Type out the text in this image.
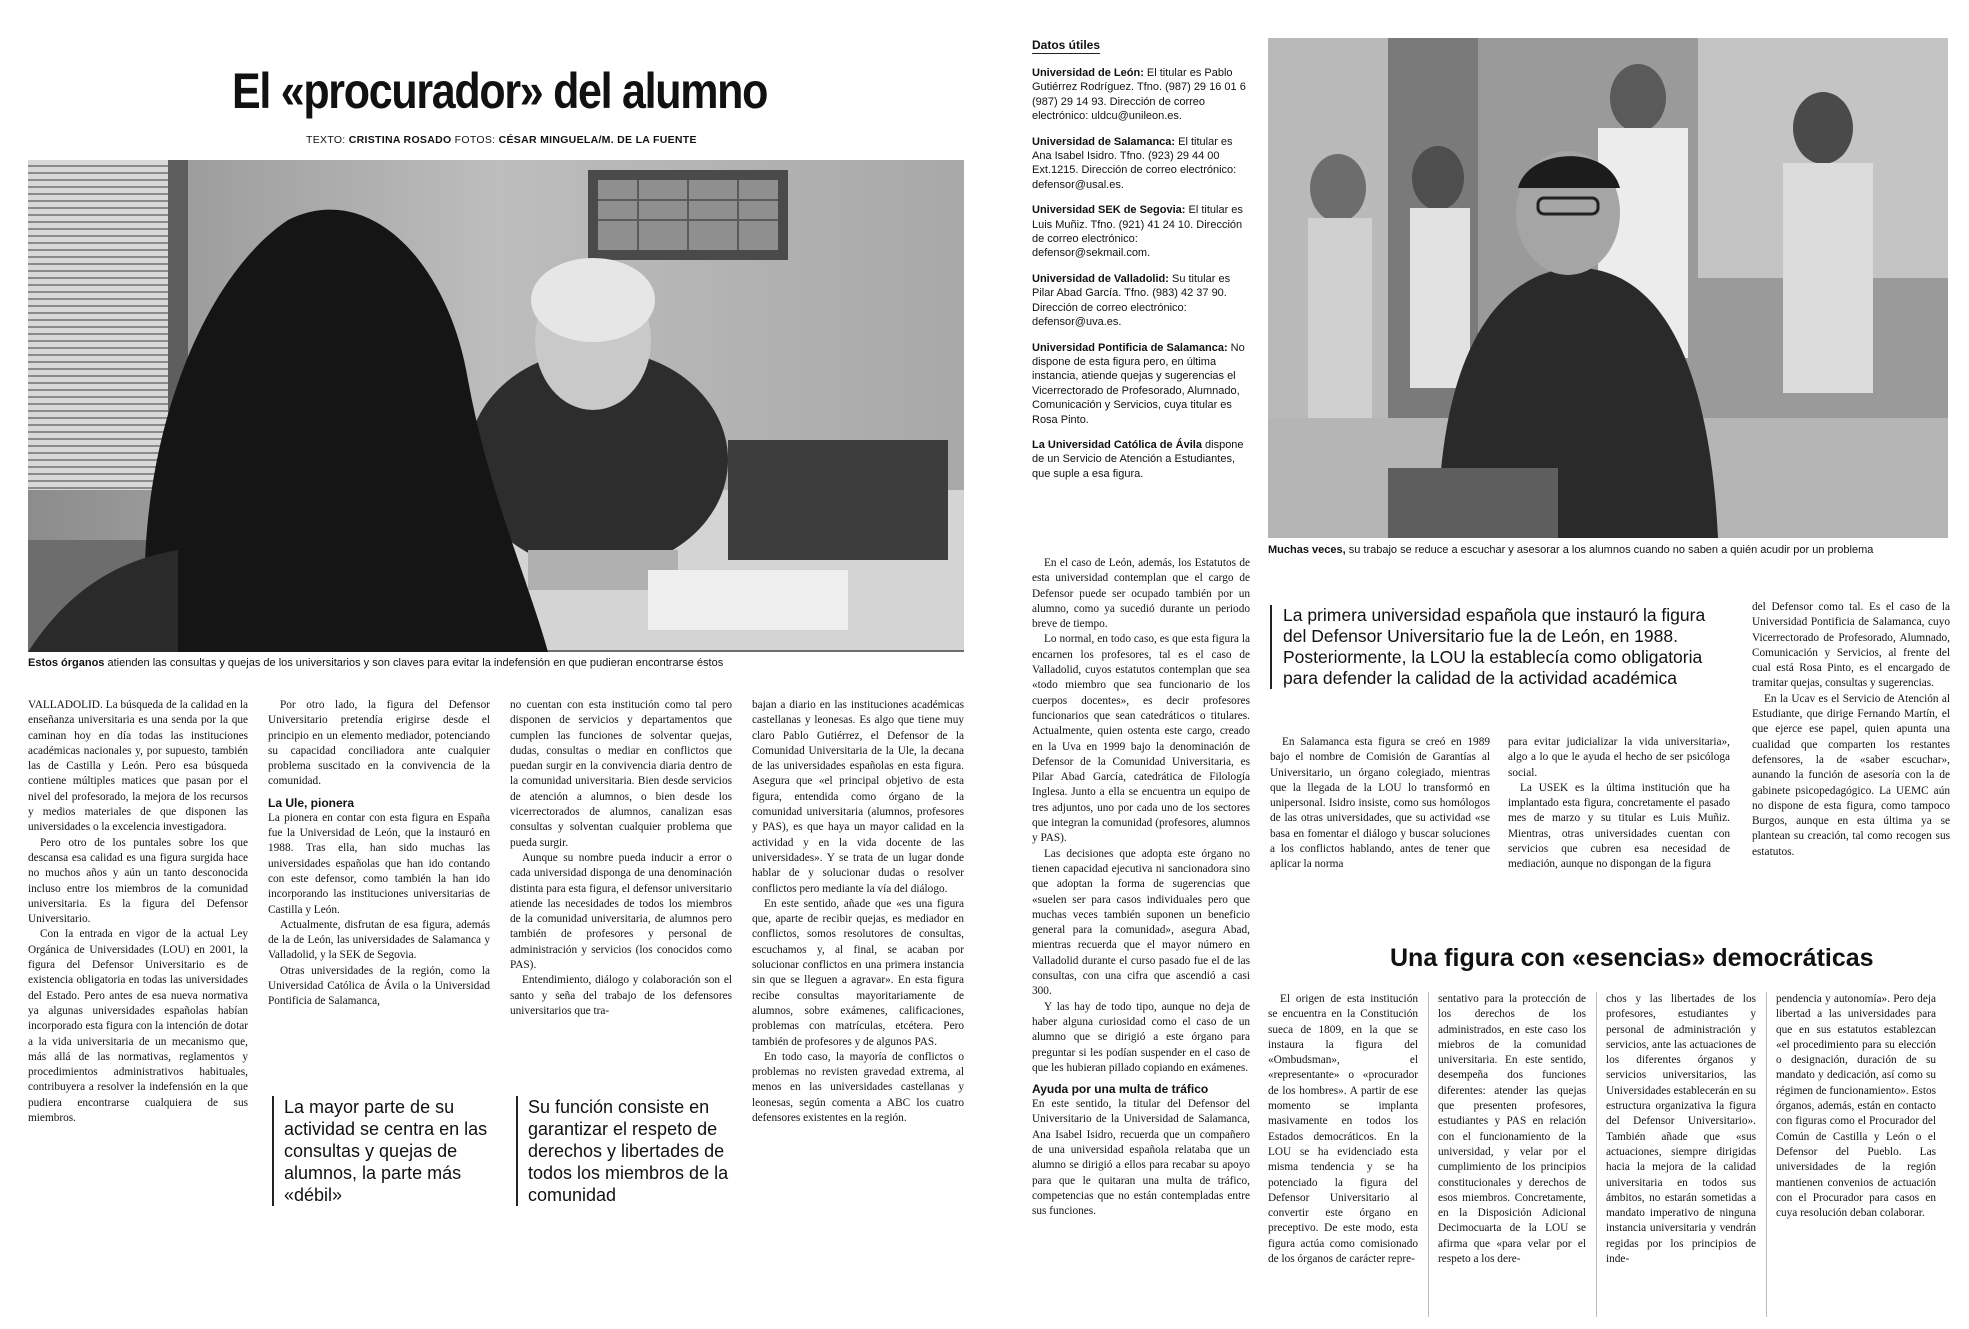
El «procurador» del alumno
TEXTO: CRISTINA ROSADO FOTOS: CÉSAR MINGUELA/M. DE LA FUENTE
Estos órganos atienden las consultas y quejas de los universitarios y son claves para evitar la indefensión en que pudieran encontrarse éstos

VALLADOLID. La búsqueda de la calidad en la enseñanza universitaria es una senda por la que caminan hoy en día todas las instituciones académicas nacionales y, por supuesto, también las de Castilla y León. Pero esa búsqueda contiene múltiples matices que pasan por el nivel del profesorado, la mejora de los recursos y medios materiales de que disponen las universidades o la excelencia investigadora.

Pero otro de los puntales sobre los que descansa esa calidad es una figura surgida hace no muchos años y aún un tanto desconocida incluso entre los miembros de la comunidad universitaria. Es la figura del Defensor Universitario.

Con la entrada en vigor de la actual Ley Orgánica de Universidades (LOU) en 2001, la figura del Defensor Universitario es de existencia obligatoria en todas las universidades del Estado. Pero antes de esa nueva normativa ya algunas universidades españolas habían incorporado esta figura con la intención de dotar a la vida universitaria de un mecanismo que, más allá de las normativas, reglamentos y procedimientos administrativos habituales, contribuyera a resolver la indefensión en la que pudiera encontrarse cualquiera de sus miembros.

Por otro lado, la figura del Defensor Universitario pretendía erigirse desde el principio en un elemento mediador, potenciando su capacidad conciliadora ante cualquier problema suscitado en la convivencia de la comunidad.

La Ule, pionera

La pionera en contar con esta figura en España fue la Universidad de León, que la instauró en 1988. Tras ella, han sido muchas las universidades españolas que han ido contando con este defensor, como también la han ido incorporando las instituciones universitarias de Castilla y León.

Actualmente, disfrutan de esa figura, además de la de León, las universidades de Salamanca y Valladolid, y la SEK de Segovia.

Otras universidades de la región, como la Universidad Católica de Ávila o la Universidad Pontificia de Salamanca,

no cuentan con esta institución como tal pero disponen de servicios y departamentos que cumplen las funciones de solventar quejas, dudas, consultas o mediar en conflictos que puedan surgir en la convivencia diaria dentro de la comunidad universitaria. Bien desde servicios de atención a alumnos, o bien desde los vicerrectorados de alumnos, canalizan esas consultas y solventan cualquier problema que pueda surgir.

Aunque su nombre pueda inducir a error o cada universidad disponga de una denominación distinta para esta figura, el defensor universitario atiende las necesidades de todos los miembros de la comunidad universitaria, de alumnos pero también de profesores y personal de administración y servicios (los conocidos como PAS).

Entendimiento, diálogo y colaboración son el santo y seña del trabajo de los defensores universitarios que tra-

bajan a diario en las instituciones académicas castellanas y leonesas. Es algo que tiene muy claro Pablo Gutiérrez, el Defensor de la Comunidad Universitaria de la Ule, la decana de las universidades españolas en esta figura. Asegura que «el principal objetivo de esta figura, entendida como órgano de la comunidad universitaria (alumnos, profesores y PAS), es que haya un mayor calidad en la actividad y en la vida docente de las universidades». Y se trata de un lugar donde hablar de y solucionar dudas o resolver conflictos pero mediante la vía del diálogo.

En este sentido, añade que «es una figura que, aparte de recibir quejas, es mediador en conflictos, somos resolutores de consultas, escuchamos y, al final, se acaban por solucionar conflictos en una primera instancia sin que se lleguen a agravar». En esta figura recibe consultas mayoritariamente de alumnos, sobre exámenes, calificaciones, problemas con matrículas, etcétera. Pero también de profesores y de algunos PAS.

En todo caso, la mayoría de conflictos o problemas no revisten gravedad extrema, al menos en las universidades castellanas y leonesas, según comenta a ABC los cuatro defensores existentes en la región.

La mayor parte de su actividad se centra en las consultas y quejas de alumnos, la parte más «débil»
Su función consiste en garantizar el respeto de derechos y libertades de todos los miembros de la comunidad
Datos útiles

Universidad de León: El titular es Pablo Gutiérrez Rodríguez. Tfno. (987) 29 16 01 6 (987) 29 14 93. Dirección de correo electrónico: uldcu@unileon.es.

Universidad de Salamanca: El titular es Ana Isabel Isidro. Tfno. (923) 29 44 00 Ext.1215. Dirección de correo electrónico: defensor@usal.es.

Universidad SEK de Segovia: El titular es Luis Muñiz. Tfno. (921) 41 24 10. Dirección de correo electrónico: defensor@sekmail.com.

Universidad de Valladolid: Su titular es Pilar Abad García. Tfno. (983) 42 37 90. Dirección de correo electrónico: defensor@uva.es.

Universidad Pontificia de Salamanca: No dispone de esta figura pero, en última instancia, atiende quejas y sugerencias el Vicerrectorado de Profesorado, Alumnado, Comunicación y Servicios, cuya titular es Rosa Pinto.

La Universidad Católica de Ávila dispone de un Servicio de Atención a Estudiantes, que suple a esa figura.

Muchas veces, su trabajo se reduce a escuchar y asesorar a los alumnos cuando no saben a quién acudir por un problema

En el caso de León, además, los Estatutos de esta universidad contemplan que el cargo de Defensor puede ser ocupado también por un alumno, como ya sucedió durante un periodo breve de tiempo.

Lo normal, en todo caso, es que esta figura la encarnen los profesores, tal es el caso de Valladolid, cuyos estatutos contemplan que sea «todo miembro que sea funcionario de los cuerpos docentes», es decir profesores funcionarios que sean catedráticos o titulares. Actualmente, quien ostenta este cargo, creado en la Uva en 1999 bajo la denominación de Defensor de la Comunidad Universitaria, es Pilar Abad García, catedrática de Filología Inglesa. Junto a ella se encuentra un equipo de tres adjuntos, uno por cada uno de los sectores que integran la comunidad (profesores, alumnos y PAS).

Las decisiones que adopta este órgano no tienen capacidad ejecutiva ni sancionadora sino que adoptan la forma de sugerencias que «suelen ser para casos individuales pero que muchas veces también suponen un beneficio general para la comunidad», asegura Abad, mientras recuerda que el mayor número en Valladolid durante el curso pasado fue el de las consultas, con una cifra que ascendió a casi 300.

Y las hay de todo tipo, aunque no deja de haber alguna curiosidad como el caso de un alumno que se dirigió a este órgano para preguntar si les podían suspender en el caso de que les hubieran pillado copiando en exámenes.

Ayuda por una multa de tráfico

En este sentido, la titular del Defensor del Universitario de la Universidad de Salamanca, Ana Isabel Isidro, recuerda que un compañero de una universidad española relataba que un alumno se dirigió a ellos para recabar su apoyo para que le quitaran una multa de tráfico, competencias que no están contempladas entre sus funciones.

La primera universidad española que instauró la figura del Defensor Universitario fue la de León, en 1988. Posteriormente, la LOU la establecía como obligatoria para defender la calidad de la actividad académica

En Salamanca esta figura se creó en 1989 bajo el nombre de Comisión de Garantías al Universitario, un órgano colegiado, mientras que la llegada de la LOU lo transformó en unipersonal. Isidro insiste, como sus homólogos de las otras universidades, que su actividad «se basa en fomentar el diálogo y buscar soluciones a los conflictos hablando, antes de tener que aplicar la norma

para evitar judicializar la vida universitaria», algo a lo que le ayuda el hecho de ser psicóloga social.

La USEK es la última institución que ha implantado esta figura, concretamente el pasado mes de marzo y su titular es Luis Muñiz. Mientras, otras universidades cuentan con servicios que cubren esa necesidad de mediación, aunque no dispongan de la figura

del Defensor como tal. Es el caso de la Universidad Pontificia de Salamanca, cuyo Vicerrectorado de Profesorado, Alumnado, Comunicación y Servicios, al frente del cual está Rosa Pinto, es el encargado de tramitar quejas, consultas y sugerencias.

En la Ucav es el Servicio de Atención al Estudiante, que dirige Fernando Martín, el que ejerce ese papel, quien apunta una cualidad que comparten los restantes defensores, la de «saber escuchar», aunando la función de asesoría con la de gabinete psicopedagógico. La UEMC aún no dispone de esta figura, como tampoco Burgos, aunque en esta última ya se plantean su creación, tal como recogen sus estatutos.

Una figura con «esencias» democráticas

El origen de esta institución se encuentra en la Constitución sueca de 1809, en la que se instaura la figura del «Ombudsman», el «representante» o «procurador de los hombres». A partir de ese momento se implanta masivamente en todos los Estados democráticos. En la LOU se ha evidenciado esta misma tendencia y se ha potenciado la figura del Defensor Universitario al convertir este órgano en preceptivo. De este modo, esta figura actúa como comisionado de los órganos de carácter repre-

sentativo para la protección de los derechos de los administrados, en este caso los miebros de la comunidad universitaria. En este sentido, desempeña dos funciones diferentes: atender las quejas que presenten profesores, estudiantes y PAS en relación con el funcionamiento de la universidad, y velar por el cumplimiento de los principios constitucionales y derechos de esos miembros. Concretamente, en la Disposición Adicional Decimocuarta de la LOU se afirma que «para velar por el respeto a los dere-

chos y las libertades de los profesores, estudiantes y personal de administración y servicios, ante las actuaciones de los diferentes órganos y servicios universitarios, las Universidades establecerán en su estructura organizativa la figura del Defensor Universitario». También añade que «sus actuaciones, siempre dirigidas hacia la mejora de la calidad universitaria en todos sus ámbitos, no estarán sometidas a mandato imperativo de ninguna instancia universitaria y vendrán regidas por los principios de inde-

pendencia y autonomía». Pero deja libertad a las universidades para que en sus estatutos establezcan «el procedimiento para su elección o designación, duración de su mandato y dedicación, así como su régimen de funcionamiento». Estos órganos, además, están en contacto con figuras como el Procurador del Común de Castilla y León o el Defensor del Pueblo. Las universidades de la región mantienen convenios de actuación con el Procurador para casos en cuya resolución deban colaborar.
